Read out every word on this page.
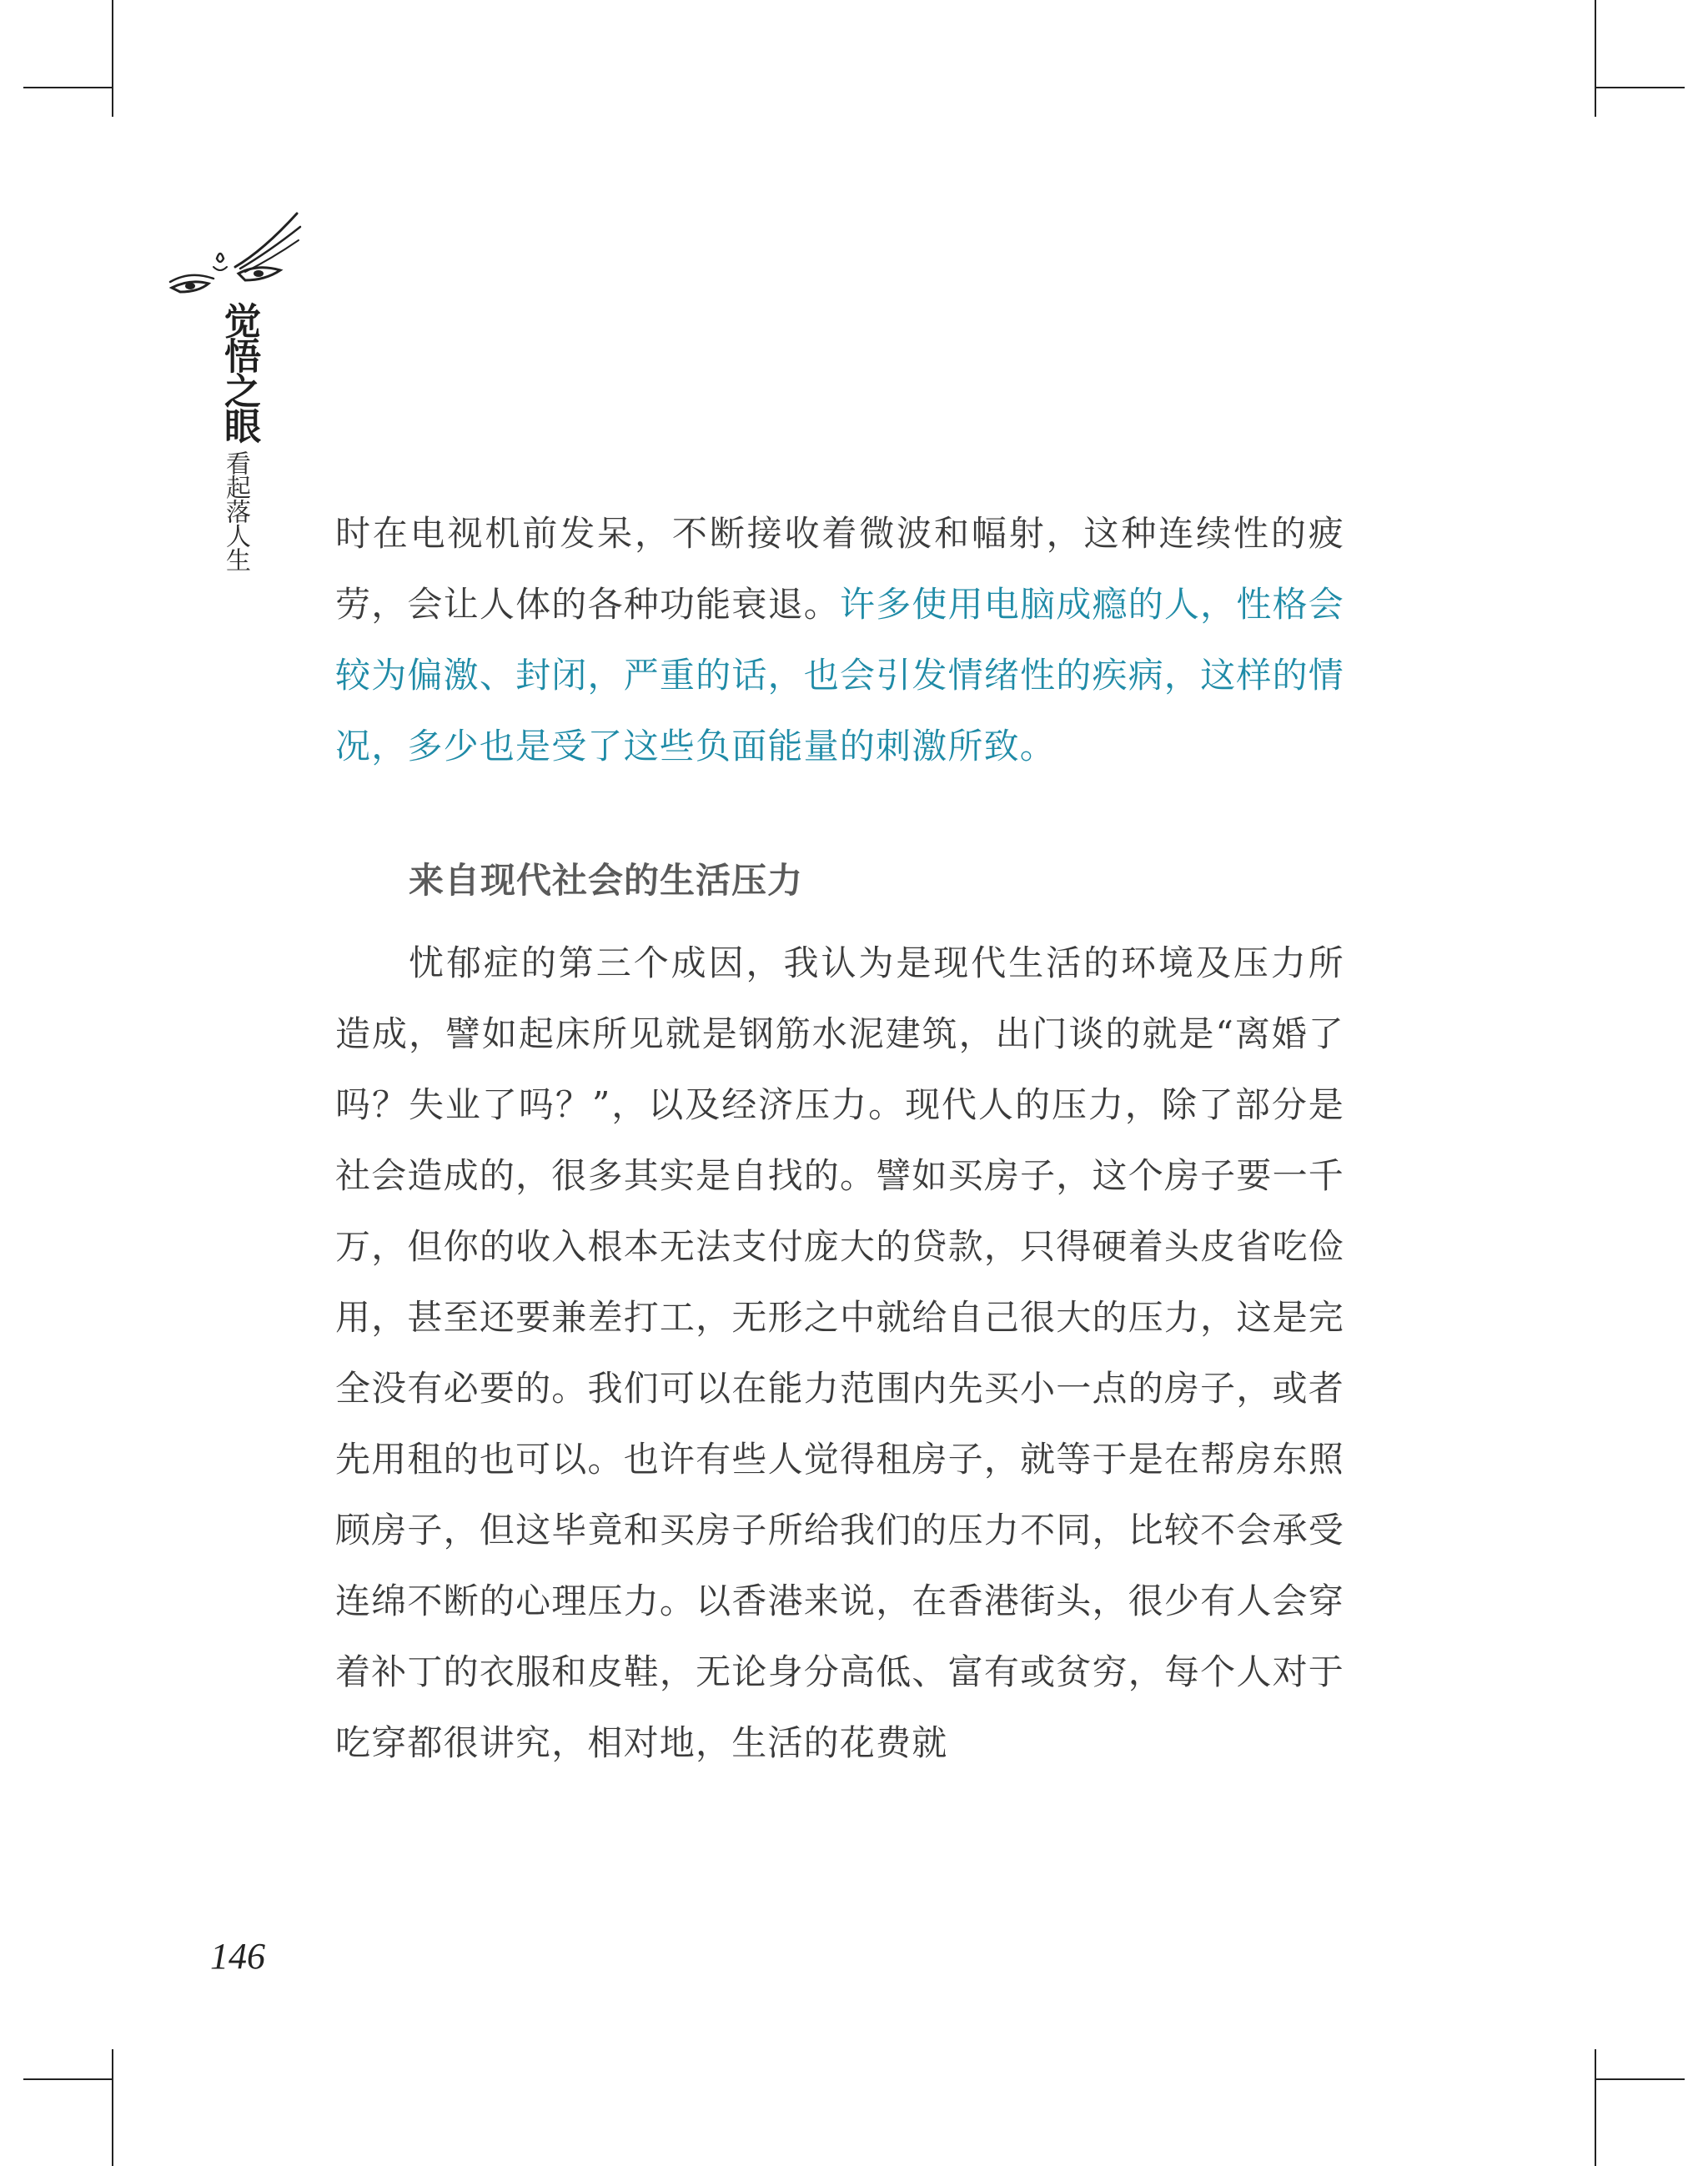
觉悟之眼
看起落人生 时在电视机前发呆，不断接收着微波和幅射，这种连续性的疲劳，会让人体的各种功能衰退。许多使用电脑成瘾的人，性格会较为偏激、封闭，严重的话，也会引发情绪性的疾病，这样的情况，多少也是受了这些负面能量的刺激所致。

来自现代社会的生活压力

忧郁症的第三个成因，我认为是现代生活的环境及压力所造成，譬如起床所见就是钢筋水泥建筑，出门谈的就是“离婚了吗？失业了吗？”，以及经济压力。现代人的压力，除了部分是社会造成的，很多其实是自找的。譬如买房子，这个房子要一千万，但你的收入根本无法支付庞大的贷款，只得硬着头皮省吃俭用，甚至还要兼差打工，无形之中就给自己很大的压力，这是完全没有必要的。我们可以在能力范围内先买小一点的房子，或者先用租的也可以。也许有些人觉得租房子，就等于是在帮房东照顾房子，但这毕竟和买房子所给我们的压力不同，比较不会承受连绵不断的心理压力。以香港来说，在香港街头，很少有人会穿着补丁的衣服和皮鞋，无论身分高低、富有或贫穷，每个人对于吃穿都很讲究，相对地，生活的花费就

146
